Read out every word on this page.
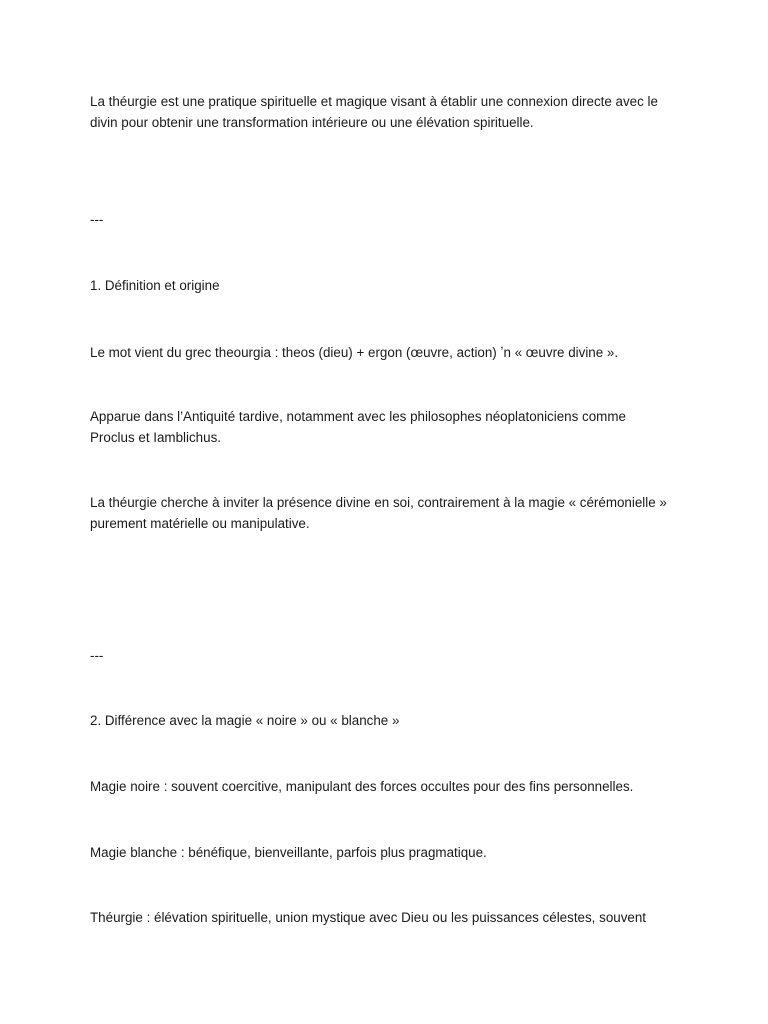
La théurgie est une pratique spirituelle et magique visant à établir une connexion directe avec le
divin pour obtenir une transformation intérieure ou une élévation spirituelle.

---

1. Définition et origine

Le mot vient du grec theourgia : theos (dieu) + ergon (œuvre, action) ʼn « œuvre divine ».

Apparue dans l’Antiquité tardive, notamment avec les philosophes néoplatoniciens comme
Proclus et Iamblichus.

La théurgie cherche à inviter la présence divine en soi, contrairement à la magie « cérémonielle »
purement matérielle ou manipulative.

---

2. Différence avec la magie « noire » ou « blanche »

Magie noire : souvent coercitive, manipulant des forces occultes pour des fins personnelles.

Magie blanche : bénéfique, bienveillante, parfois plus pragmatique.

Théurgie : élévation spirituelle, union mystique avec Dieu ou les puissances célestes, souvent
